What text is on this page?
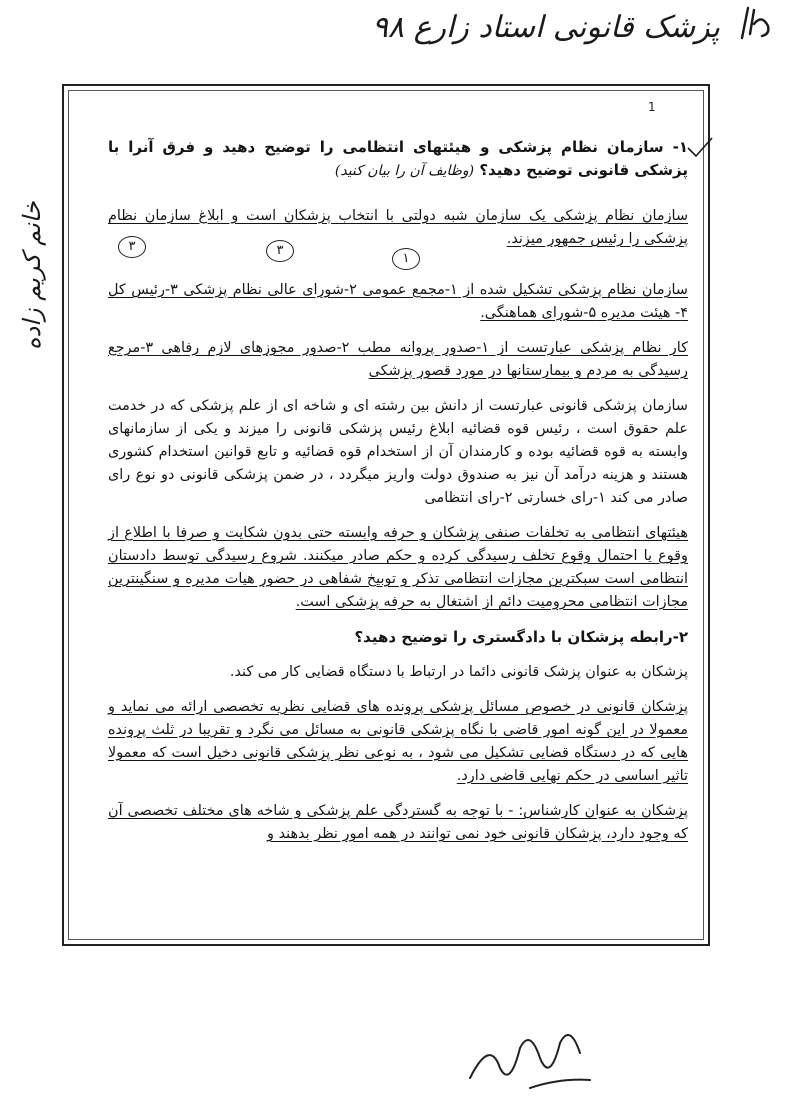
پزشک قانونی استاد زارع ۹۸
خانم کریم زاده
1
۳	۳
۱

۱- سازمان نظام پزشکی و هیئتهای انتظامی را توضیح دهید و فرق آنرا با پزشکی قانونی توضیح دهید؟ (وظایف آن را بیان کنید)

سازمان نظام پزشکی یک سازمان شبه دولتی با انتخاب پزشکان است و ابلاغ سازمان نظام پزشکی را رئیس جمهور میزند.

سازمان نظام پزشکی تشکیل شده از ۱-مجمع عمومی ۲-شورای عالی نظام پزشکی ۳-رئیس کل ۴- هیئت مدیره ۵-شورای هماهنگی.

کار نظام پزشکی عبارتست از ۱-صدور پروانه مطب ۲-صدور مجوزهای لازم رفاهی ۳-مرجع رسیدگی به مردم و بیمارستانها در مورد قصور پزشکی

سازمان پزشکی قانونی عبارتست از دانش بین رشته ای و شاخه ای از علم پزشکی که در خدمت علم حقوق است ، رئیس قوه قضائیه ابلاغ رئیس پزشکی قانونی را میزند و یکی از سازمانهای وابسته به قوه قضائیه بوده و کارمندان آن از استخدام قوه قضائیه و تابع قوانین استخدام کشوری هستند و هزینه درآمد آن نیز به صندوق دولت واریز میگردد ، در ضمن پزشکی قانونی دو نوع رای صادر می کند ۱-رای خسارتی ۲-رای انتظامی

هیئتهای انتظامی به تخلفات صنفی پزشکان و حرفه وابسته حتی بدون شکایت و صرفا با اطلاع از وقوع یا احتمال وقوع تخلف رسیدگی کرده و حکم صادر میکنند. شروع رسیدگی توسط دادستان انتظامی است سبکترین مجازات انتظامی تذکر و توبیخ شفاهی در حضور هیات مدیره و سنگینترین مجازات انتظامی محرومیت دائم از اشتغال به حرفه پزشکی است.

۲-رابطه پزشکان با دادگستری را توضیح دهید؟

پزشکان به عنوان پزشک قانونی دائما در ارتباط با دستگاه قضایی کار می کند.

پزشکان قانونی در خصوص مسائل پزشکی پرونده های قضایی نظریه تخصصی ارائه می نماید و معمولا در این گونه امور قاضی با نگاه پزشکی قانونی به مسائل می نگرد و تقریبا در ثلث پرونده هایی که در دستگاه قضایی تشکیل می شود ، به نوعی نظر پزشکی قانونی دخیل است که معمولا تاثیر اساسی در حکم نهایی قاضی دارد.

پزشکان به عنوان کارشناس: - با توجه به گستردگی علم پزشکی و شاخه های مختلف تخصصی آن که وجود دارد، پزشکان قانونی خود نمی توانند در همه امور نظر بدهند و
